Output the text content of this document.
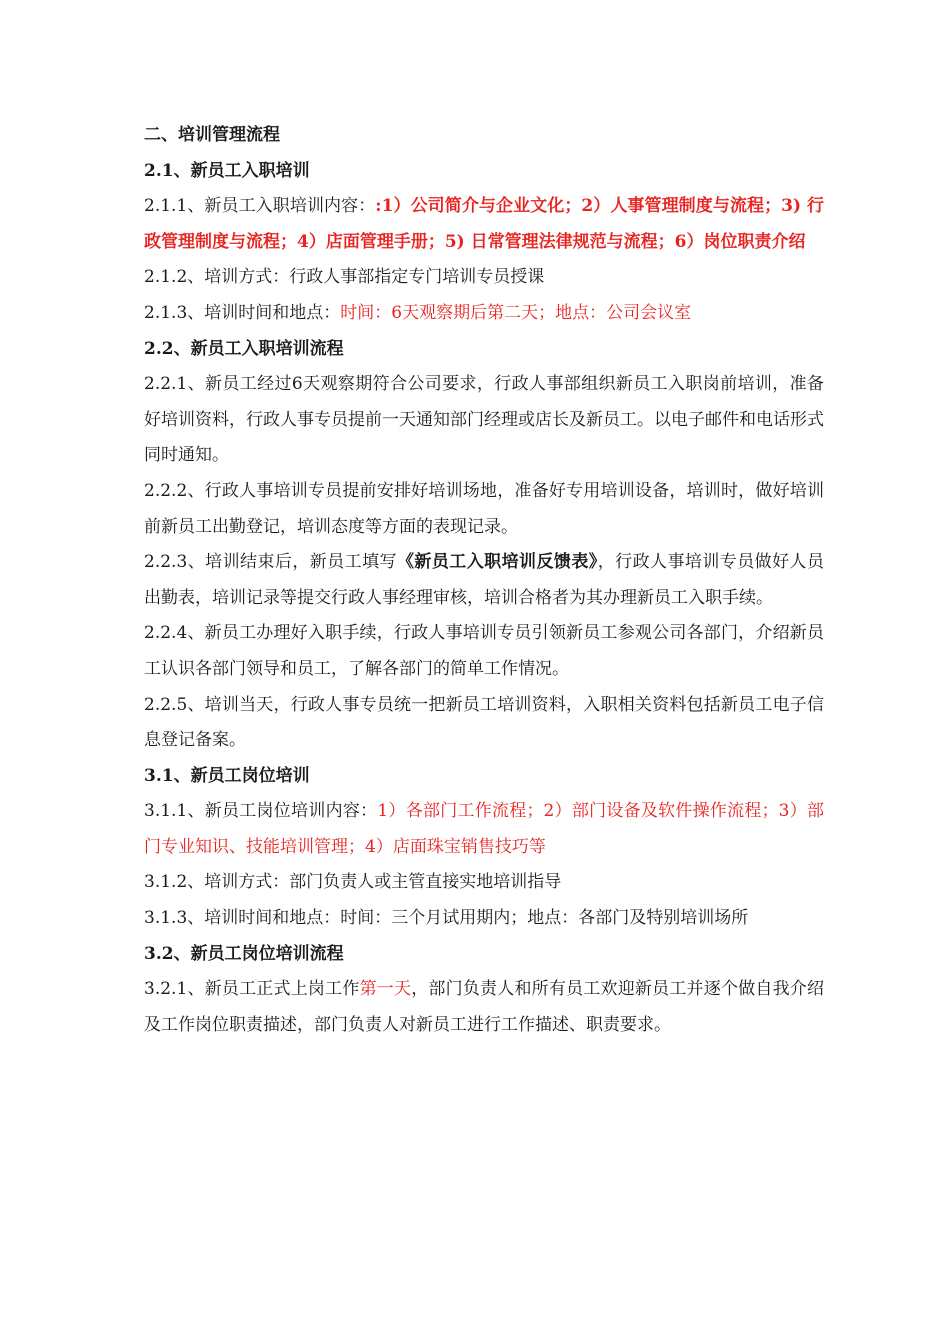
二、培训管理流程

2.1、新员工入职培训

2.1.1、新员工入职培训内容：:1）公司简介与企业文化；2）人事管理制度与流程；3) 行政管理制度与流程；4）店面管理手册；5) 日常管理法律规范与流程；6）岗位职责介绍

2.1.2、培训方式：行政人事部指定专门培训专员授课

2.1.3、培训时间和地点：时间：6天观察期后第二天；地点：公司会议室

2.2、新员工入职培训流程

2.2.1、新员工经过6天观察期符合公司要求，行政人事部组织新员工入职岗前培训，准备好培训资料，行政人事专员提前一天通知部门经理或店长及新员工。以电子邮件和电话形式同时通知。

2.2.2、行政人事培训专员提前安排好培训场地，准备好专用培训设备，培训时，做好培训前新员工出勤登记，培训态度等方面的表现记录。

2.2.3、培训结束后，新员工填写《新员工入职培训反馈表》，行政人事培训专员做好人员出勤表，培训记录等提交行政人事经理审核，培训合格者为其办理新员工入职手续。

2.2.4、新员工办理好入职手续，行政人事培训专员引领新员工参观公司各部门，介绍新员工认识各部门领导和员工，了解各部门的简单工作情况。

2.2.5、培训当天，行政人事专员统一把新员工培训资料，入职相关资料包括新员工电子信息登记备案。

3.1、新员工岗位培训

3.1.1、新员工岗位培训内容：1）各部门工作流程；2）部门设备及软件操作流程；3）部门专业知识、技能培训管理；4）店面珠宝销售技巧等

3.1.2、培训方式：部门负责人或主管直接实地培训指导

3.1.3、培训时间和地点：时间：三个月试用期内；地点：各部门及特别培训场所

3.2、新员工岗位培训流程

3.2.1、新员工正式上岗工作第一天，部门负责人和所有员工欢迎新员工并逐个做自我介绍及工作岗位职责描述，部门负责人对新员工进行工作描述、职责要求。
